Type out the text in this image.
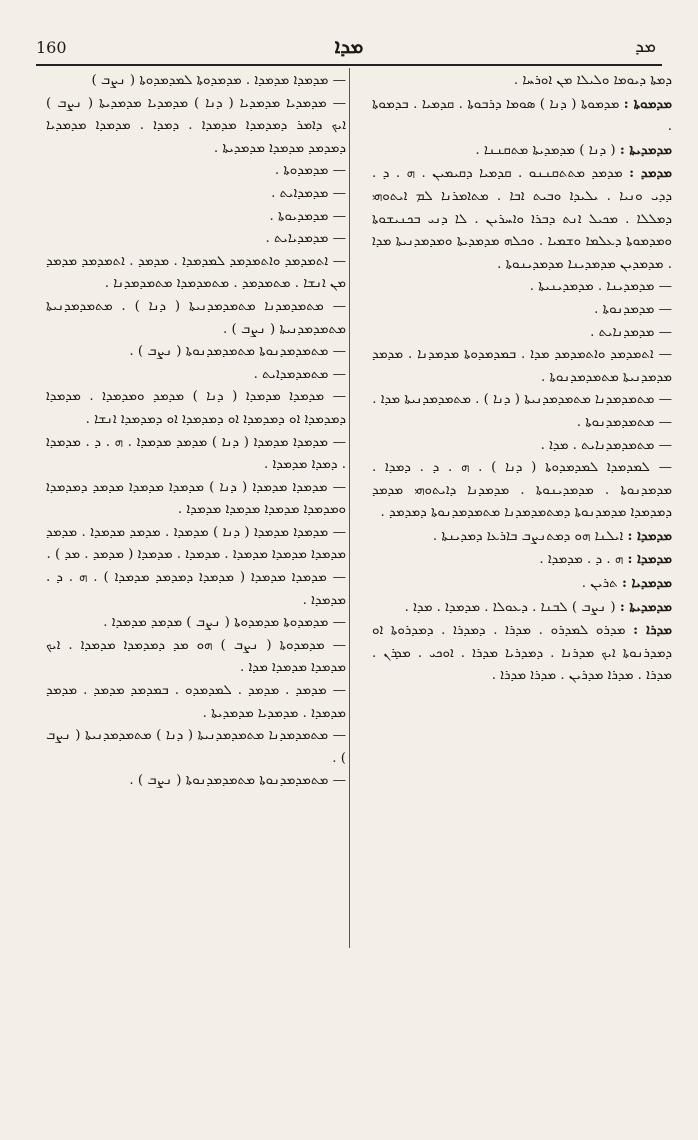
160	ܡܕܐ	ܡܕ

ܕܡܬܐ ܕܝܘܡܐ ܘܠܝܠܐ ܡܢ ܐܘܪܚܐ .

ܡܕܡܘܬܐ : ܡܕܡܘܬܐ ( ܕܢܐ ) ܣܘܡܐ ܕܪܒܘܬܐ . ܩܕܡܝܐ . ܒܕܡܘܬܐ .

ܡܕܡܕܝܬܐ : ( ܕܢܐ ) ܡܕܡܕܝܬܐ ܡܬܩܢܢܐ .

ܡܕܡܕ : ܡܕܡܕ ܡܬܬܩܢܢܘ . ܩܕܡܝܐ ܕܩܝܡܝܢ . ܗ . ܕ . ܕܕܝ ܘܢܝܐ . ܝܠܝܕܐ ܘܒܝܬ ܐܒܐ . ܡܬܐܡܪܢܐ ܠܡ ܐܝܬܘܗܝ ܕܡܠܠܐ . ܡܟܝܠ ܐܢܬ ܕܒܪܐ ܘܐܚܪܝܢ . ܠܐ ܕܢܝ ܒܟܢܝܫܘܬܐ ܘܡܕܡܘܬܐ ܕܥܠܡܐ ܘܫܡܝܐ . ܘܟܠܗ ܡܕܡܕܝܬܐ ܘܡܕܡܕܢܝܬܐ ܡܕܐ . ܡܕܡܕܝܢ ܡܕܡܕܝܢܐ ܡܕܡܕܝܢܘܬܐ .

— ܡܕܡܕܝܢܐ . ܡܕܡܕܝܢܝܬܐ .

— ܡܕܡܕܢܘܬܐ .

— ܡܕܡܕܢܐܝܬ .

— ܐܬܡܕܡܕ ܘܐܬܡܕܡܕ ܡܕܐ . ܒܡܕܡܕܘܬܐ ܡܕܡܕܢܐ . ܡܕܡܕ ܡܕܡܕܢܝܬܐ ܡܬܡܕܡܕܢܘܬܐ .

— ܡܬܡܕܡܕܢܐ ܡܬܡܕܡܕܢܝܬܐ ( ܕܢܐ ) . ܡܬܡܕܡܕܢܝܬܐ ܡܕܐ .

— ܡܬܡܕܡܕܢܘܬܐ .

— ܡܬܡܕܡܕܢܐܝܬ . ܡܕܐ .

— ܠܡܕܡܕܐ ܠܡܕܡܕܘܬܐ ( ܕܢܐ ) . ܗ . ܕ . ܕܡܕܐ . ܡܕܡܕܢܘܬܐ . ܡܕܡܕܝܢܘܬܐ . ܡܕܡܕܢܐ ܕܐܝܬܘܗܝ ܡܕܡܕ ܕܡܕܡܕܐ ܡܕܡܕܢܘܬܐ ܕܡܬܡܕܡܕܢܐ ܡܬܡܕܡܕܢܘܬܐ ܕܡܕܡܕ .

ܡܕܡܕܐ : ܐܝܠܢܐ ܗܘ ܕܡܬܢܨܒ ܒܐܪܥܐ ܕܡܕܝܢܬܐ .

ܡܕܡܕܐ : ܗ . ܕ . ܡܕܡܕܐ .

ܡܕܡܕܝܐ : ܬܪܝܢ .

ܡܕܡܕܝܬܐ : ( ܢܨܒ ) ܠܒܢܐ . ܕܥܘܠܐ . ܡܕܡܕܐ . ܡܕܐ .

ܡܕܪܐ : ܡܕܪܘ ܠܡܕܪܘ . ܡܕܪܐ . ܕܡܕܪܐ . ܕܡܕܪܘܬܐ ܐܘ ܕܡܕܪܢܘܬܐ ܐܝܟ ܡܕܪܢܐ . ܕܡܕܪܝܐ ܡܕܪܐ . ܐܘܟܝ . ܡܕܪܢ . ܡܕܪܐ . ܡܕܪܐ ܡܕܪܝܢ . ܡܕܪܐ ܡܕܪܐ .

— ܡܕܡܕܐ ܡܕܡܕܐ . ܡܕܡܕܘܬܐ ܠܡܕܡܕܘܬܐ ( ܢܨܒ )

— ܡܕܡܕܝܐ ܡܕܡܕܝܐ ( ܕܢܐ ) ܡܕܡܕܝܐ ܡܕܡܕܝܬܐ ( ܢܨܒ ) ܐܝܟ ܕܐܡܪ ܕܡܕܡܕܐ ܡܕܡܕܐ . ܕܡܕܐ . ܡܕܡܕܐ ܡܕܡܕܝܐ ܕܡܕܡܕ ܡܕܡܕܐ ܡܕܡܕܝܬܐ .

— ܡܕܡܕܘܬܐ .

— ܡܕܡܕܐܝܬ .

— ܡܕܡܕܝܘܬܐ .

— ܡܕܡܕܝܐܝܬ .

— ܐܬܡܕܡܕ ܘܐܬܡܕܡܕ ܠܡܕܡܕܐ . ܡܕܡܕ . ܐܬܡܕܡܕ ܡܕܡܕ ܡܢ ܐܢܫܐ . ܡܬܡܕܡܕ . ܡܬܡܕܡܕܐ ܡܬܡܕܡܕܢܐ .

— ܡܬܡܕܡܕܢܐ ܡܬܡܕܡܕܢܝܬܐ ( ܕܢܐ ) . ܡܬܡܕܡܕܢܝܬܐ ܡܬܡܕܡܕܢܝܬܐ ( ܢܨܒ ) .

— ܡܬܡܕܡܕܢܘܬܐ ܡܬܡܕܡܕܢܘܬܐ ( ܢܨܒ ) .

— ܡܬܡܕܡܕܐܝܬ .

— ܡܕܡܕܐ ܡܕܡܕܐ ( ܕܢܐ ) ܡܕܡܕ ܘܡܕܡܕܐ . ܡܕܡܕܐ ܕܡܕܡܕܐ ܐܘ ܕܡܕܡܕܐ ܐܘ ܕܡܕܡܕܐ ܐܘ ܕܡܕܡܕܐ ܐܢܫܐ .

— ܡܕܡܕܐ ܡܕܡܕܐ ( ܕܢܐ ) ܡܕܡܕ ܡܕܡܕܐ . ܗ . ܕ . ܡܕܡܕܐ . ܕܡܕܐ ܡܕܡܕܐ .

— ܡܕܡܕܐ ܡܕܡܕܐ ( ܕܢܐ ) ܡܕܡܕܐ ܡܕܡܕܐ ܡܕܡܕ ܕܡܕܡܕܐ ܘܡܕܡܕܐ ܡܕܡܕܐ ܡܕܡܕܐ ܡܕܡܕܐ .

— ܡܕܡܕܐ ܡܕܡܕܐ ( ܕܢܐ ) ܡܕܡܕܐ . ܡܕܡܕ ܡܕܡܕܐ . ܡܕܡܕ ܡܕܡܕܐ ܡܕܡܕܐ ܡܕܡܕܐ . ܡܕܡܕܐ . ܡܕܡܕܐ ( ܡܕܡܕ . ܡܕ ) .

— ܡܕܡܕܐ ܡܕܡܕܐ ( ܡܕܡܕܐ ܕܡܕܡܕ ܡܕܡܕܐ ) . ܗ . ܕ . ܡܕܡܕܐ .

— ܡܕܡܕܘܬܐ ܡܕܡܕܘܬܐ ( ܢܨܒ ) ܡܕܡܕ ܡܕܡܕܐ .

— ܡܕܡܕܘܬܐ ( ܢܨܒ ) ܗܘ ܡܕ ܕܡܕܡܕܐ ܡܕܡܕܐ . ܐܝܟ ܡܕܡܕܐ ܡܕܡܕܐ ܡܕܐ .

— ܡܕܡܕ . ܡܕܡܕ . ܠܡܕܡܕܘ . ܒܡܕܡܕ ܡܕܡܕ . ܡܕܡܕ ܡܕܡܕܐ . ܡܕܡܕܝܐ ܡܕܡܕܝܬܐ .

— ܡܬܡܕܡܕܢܐ ܡܬܡܕܡܕܢܝܬܐ ( ܕܢܐ ) ܡܬܡܕܡܕܢܝܬܐ ( ܢܨܒ ) .

— ܡܬܡܕܡܕܢܘܬܐ ܡܬܡܕܡܕܢܘܬܐ ( ܢܨܒ ) .
